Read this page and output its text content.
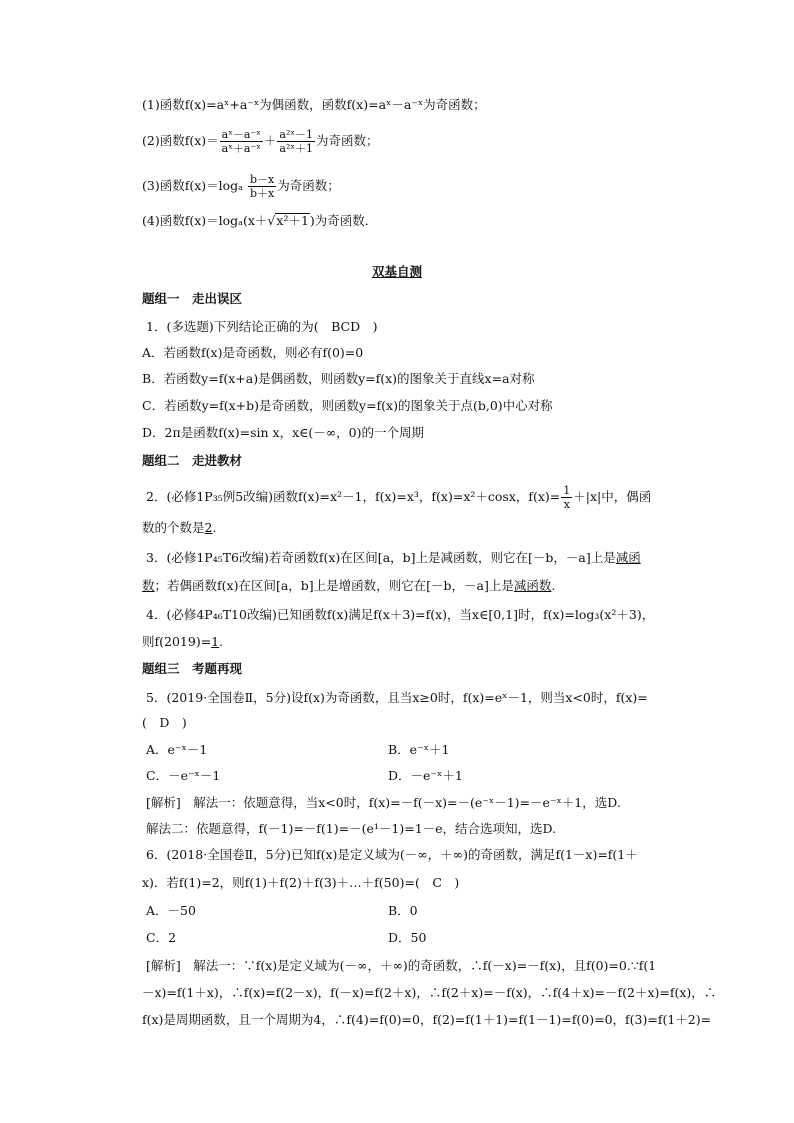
(1)函数f(x)=aˣ+a⁻ˣ为偶函数，函数f(x)=aˣ－a⁻ˣ为奇函数；
(2)函数$f(x)= \frac{\text{aˣ－a⁻ˣ}}{\text{aˣ＋a⁻ˣ}} + \frac{\text{a²ˣ－1}}{\text{a²ˣ＋1}}$ 为奇函数；
(3)函数$f(x)=\log_a \frac{b-x}{b+x}$ 为奇函数；
(4)函数f(x)＝logₐ(x＋√x²＋1)为奇函数．
双基自测
题组一　走出误区
1．(多选题)下列结论正确的为(　BCD　)
A．若函数f(x)是奇函数，则必有f(0)=0
B．若函数y=f(x+a)是偶函数，则函数y=f(x)的图象关于直线x=a对称
C．若函数y=f(x+b)是奇函数，则函数y=f(x)的图象关于点(b,0)中心对称
D．2π是函数f(x)=sin x，x∈(－∞，0)的一个周期
题组二　走进教材
2．(必修1P₃₅例5改编)函数f(x)=x²－1，f(x)=x³，f(x)=x²＋cosx，$f(x)= \frac{1}{x} +|x|$中，偶函
数的个数是2.
3．(必修1P₄₅T6改编)若奇函数f(x)在区间[a，b]上是减函数，则它在[－b，－a]上是减函
数；若偶函数f(x)在区间[a，b]上是增函数，则它在[－b，－a]上是减函数.
4．(必修4P₄₆T10改编)已知函数f(x)满足f(x＋3)=f(x)，当x∈[0,1]时，f(x)=log₃(x²＋3)，
则f(2019)=1.
题组三　考题再现
5．(2019·全国卷Ⅱ，5分)设f(x)为奇函数，且当x≥0时，f(x)=eˣ－1，则当x<0时，f(x)=
(　D　)
A．e⁻ˣ－1	B．e⁻ˣ＋1
C．－e⁻ˣ－1	D．－e⁻ˣ＋1
[解析]　解法一：依题意得，当x<0时，f(x)=－f(－x)=－(e⁻ˣ－1)=－e⁻ˣ＋1，选D.
解法二：依题意得，f(－1)=－f(1)=－(e¹－1)=1－e，结合选项知，选D.
6．(2018·全国卷Ⅱ，5分)已知f(x)是定义域为(－∞，＋∞)的奇函数，满足f(1－x)=f(1＋
x)．若f(1)=2，则f(1)＋f(2)＋f(3)＋…＋f(50)=(　C　)
A．－50	B．0
C．2	D．50
[解析]　解法一：∵f(x)是定义域为(－∞，＋∞)的奇函数，∴f(－x)=－f(x)，且f(0)=0.∵f(1
－x)=f(1＋x)，∴f(x)=f(2－x)，f(－x)=f(2＋x)，∴f(2＋x)=－f(x)，∴f(4＋x)=－f(2＋x)=f(x)，∴
f(x)是周期函数，且一个周期为4，∴f(4)=f(0)=0，f(2)=f(1＋1)=f(1－1)=f(0)=0，f(3)=f(1＋2)=
